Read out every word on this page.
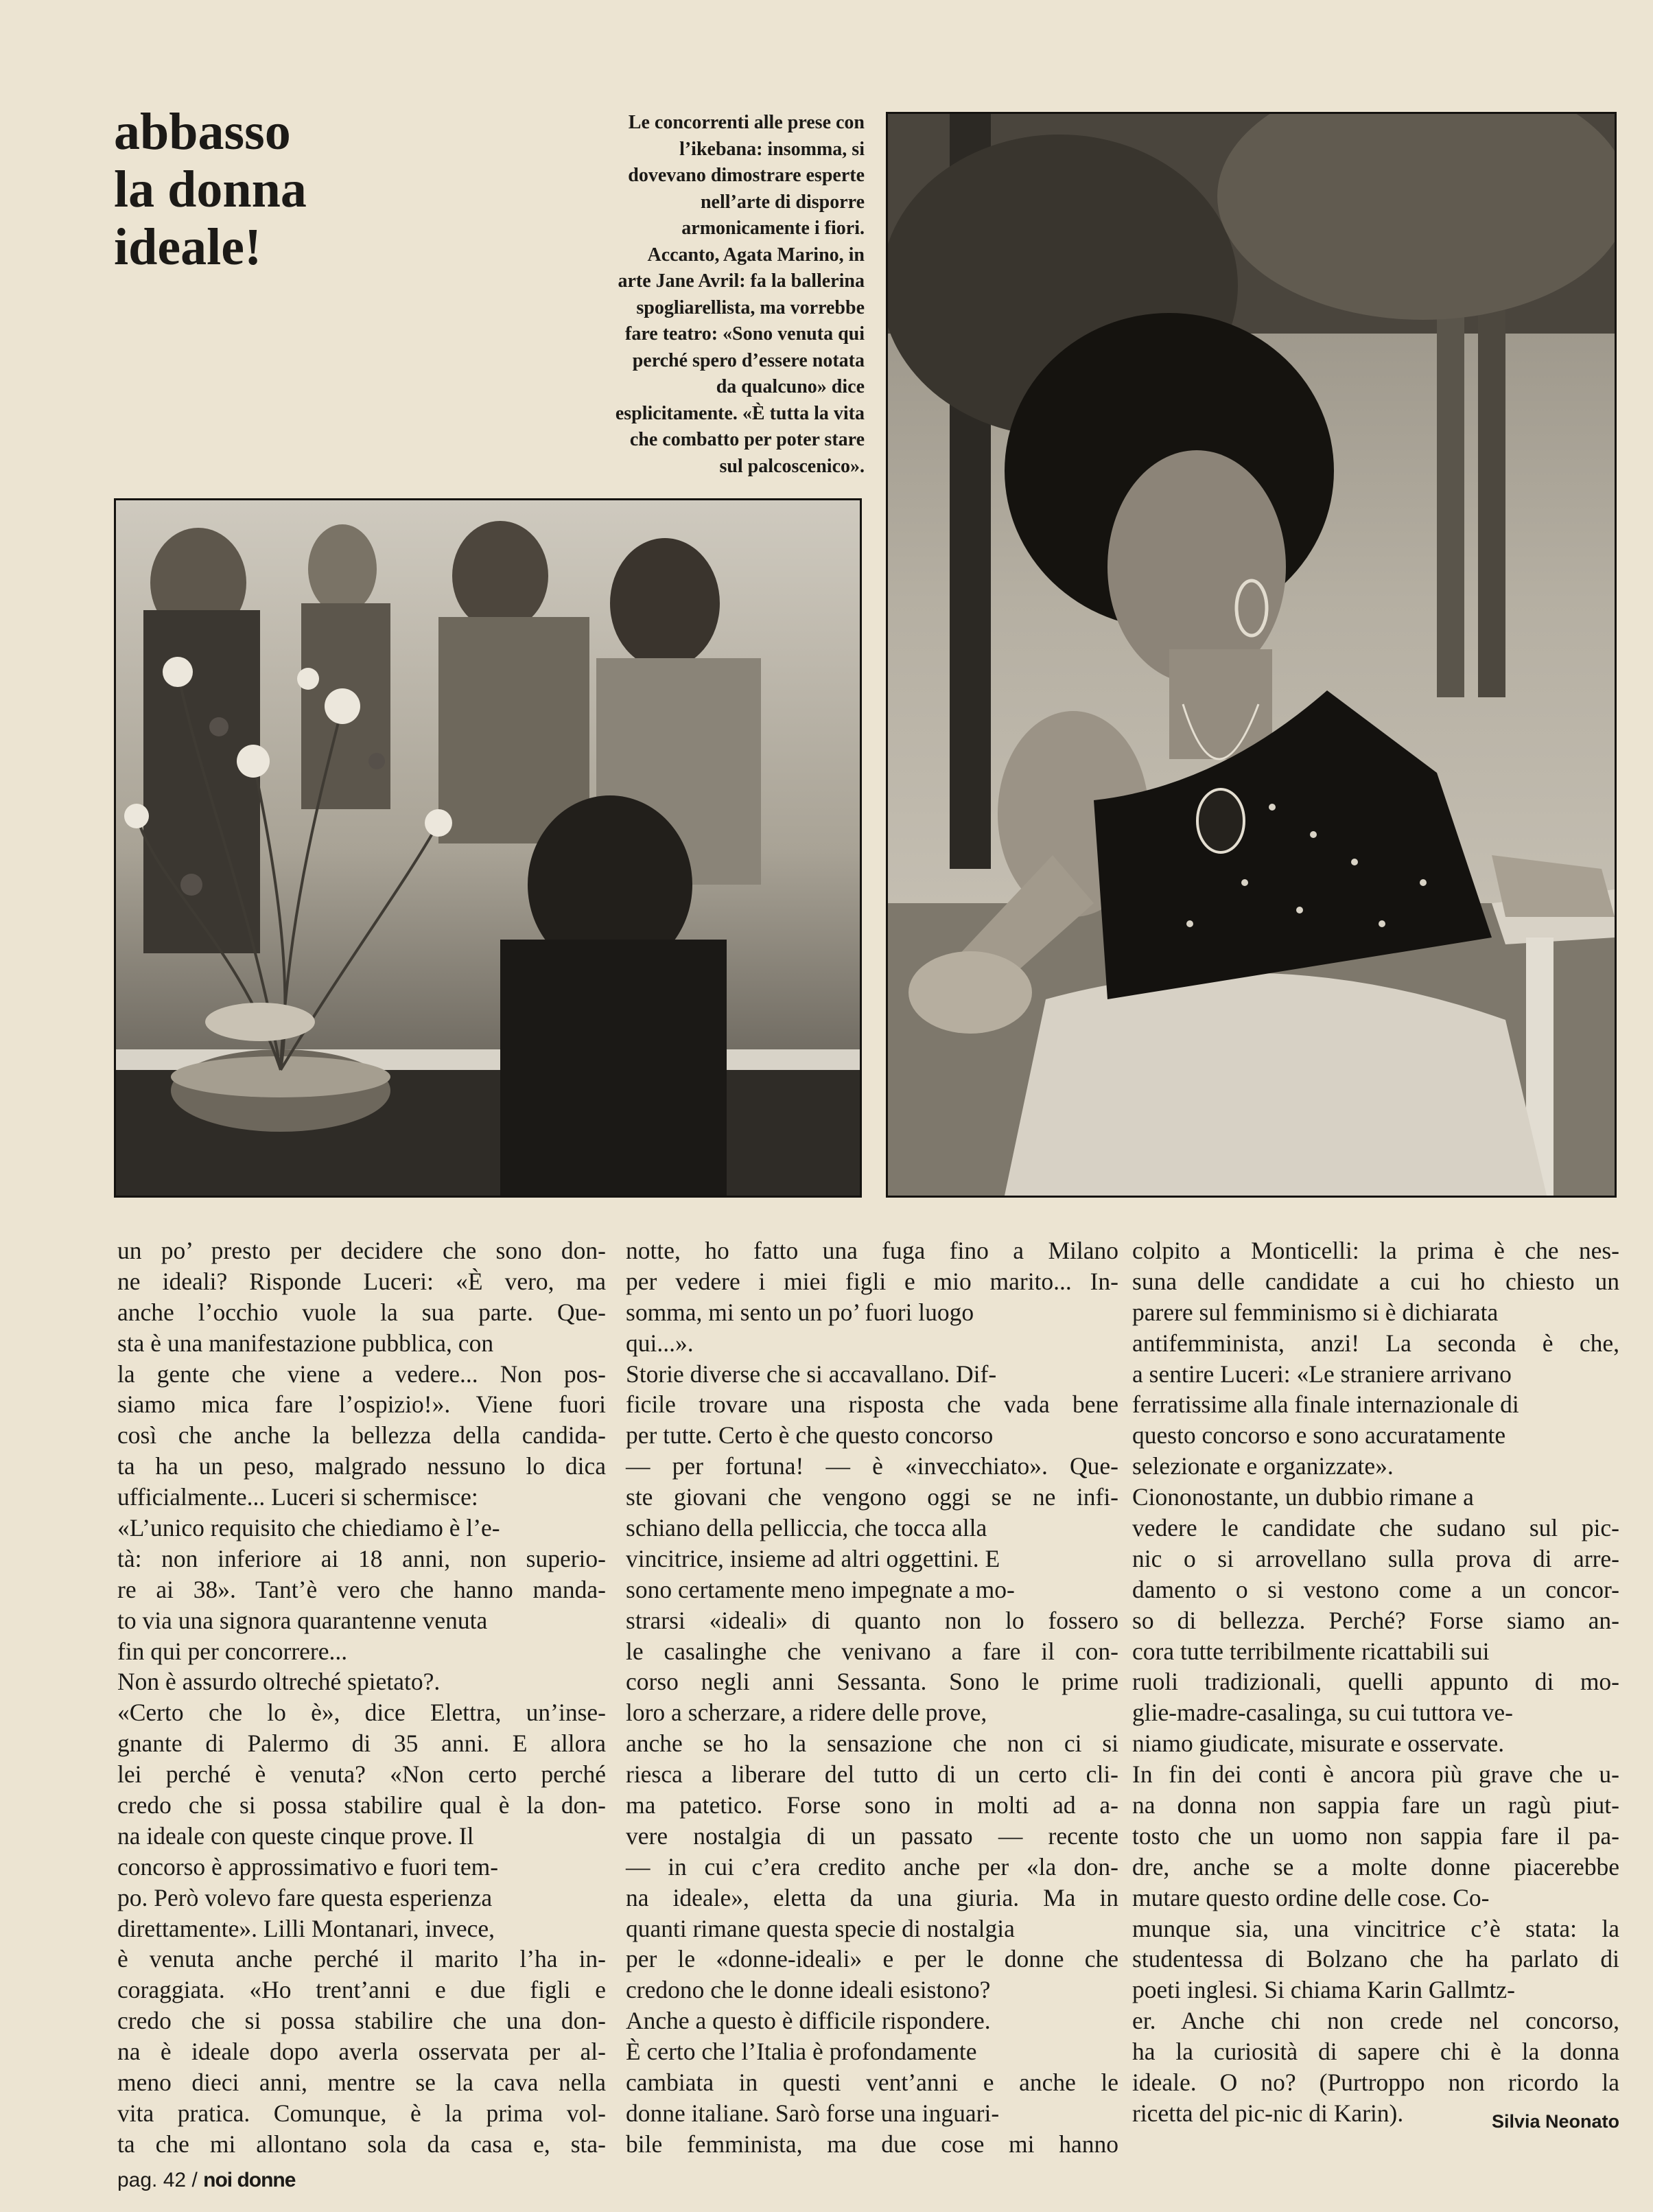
abbasso
la donna
ideale!
Le concorrenti alle prese con
l’ikebana: insomma, si
dovevano dimostrare esperte
nell’arte di disporre
armonicamente i fiori.
Accanto, Agata Marino, in
arte Jane Avril: fa la ballerina
spogliarellista, ma vorrebbe
fare teatro: «Sono venuta qui
perché spero d’essere notata
da qualcuno» dice
esplicitamente. «È tutta la vita
che combatto per poter stare
sul palcoscenico».
un po’ presto per decidere che sono don-
ne ideali? Risponde Luceri: «È vero, ma
anche l’occhio vuole la sua parte. Que-
sta è una manifestazione pubblica, con
la gente che viene a vedere... Non pos-
siamo mica fare l’ospizio!». Viene fuori
così che anche la bellezza della candida-
ta ha un peso, malgrado nessuno lo dica
ufficialmente... Luceri si schermisce:
«L’unico requisito che chiediamo è l’e-
tà: non inferiore ai 18 anni, non superio-
re ai 38». Tant’è vero che hanno manda-
to via una signora quarantenne venuta
fin qui per concorrere...
Non è assurdo oltreché spietato?.
«Certo che lo è», dice Elettra, un’inse-
gnante di Palermo di 35 anni. E allora
lei perché è venuta? «Non certo perché
credo che si possa stabilire qual è la don-
na ideale con queste cinque prove. Il
concorso è approssimativo e fuori tem-
po. Però volevo fare questa esperienza
direttamente». Lilli Montanari, invece,
è venuta anche perché il marito l’ha in-
coraggiata. «Ho trent’anni e due figli e
credo che si possa stabilire che una don-
na è ideale dopo averla osservata per al-
meno dieci anni, mentre se la cava nella
vita pratica. Comunque, è la prima vol-
ta che mi allontano sola da casa e, sta-
notte, ho fatto una fuga fino a Milano
per vedere i miei figli e mio marito... In-
somma, mi sento un po’ fuori luogo
qui...».
Storie diverse che si accavallano. Dif-
ficile trovare una risposta che vada bene
per tutte. Certo è che questo concorso
— per fortuna! — è «invecchiato». Que-
ste giovani che vengono oggi se ne infi-
schiano della pelliccia, che tocca alla
vincitrice, insieme ad altri oggettini. E
sono certamente meno impegnate a mo-
strarsi «ideali» di quanto non lo fossero
le casalinghe che venivano a fare il con-
corso negli anni Sessanta. Sono le prime
loro a scherzare, a ridere delle prove,
anche se ho la sensazione che non ci si
riesca a liberare del tutto di un certo cli-
ma patetico. Forse sono in molti ad a-
vere nostalgia di un passato — recente
— in cui c’era credito anche per «la don-
na ideale», eletta da una giuria. Ma in
quanti rimane questa specie di nostalgia
per le «donne-ideali» e per le donne che
credono che le donne ideali esistono?
Anche a questo è difficile rispondere.
È certo che l’Italia è profondamente
cambiata in questi vent’anni e anche le
donne italiane. Sarò forse una inguari-
bile femminista, ma due cose mi hanno
colpito a Monticelli: la prima è che nes-
suna delle candidate a cui ho chiesto un
parere sul femminismo si è dichiarata
antifemminista, anzi! La seconda è che,
a sentire Luceri: «Le straniere arrivano
ferratissime alla finale internazionale di
questo concorso e sono accuratamente
selezionate e organizzate».
Ciononostante, un dubbio rimane a
vedere le candidate che sudano sul pic-
nic o si arrovellano sulla prova di arre-
damento o si vestono come a un concor-
so di bellezza. Perché? Forse siamo an-
cora tutte terribilmente ricattabili sui
ruoli tradizionali, quelli appunto di mo-
glie-madre-casalinga, su cui tuttora ve-
niamo giudicate, misurate e osservate.
In fin dei conti è ancora più grave che u-
na donna non sappia fare un ragù piut-
tosto che un uomo non sappia fare il pa-
dre, anche se a molte donne piacerebbe
mutare questo ordine delle cose. Co-
munque sia, una vincitrice c’è stata: la
studentessa di Bolzano che ha parlato di
poeti inglesi. Si chiama Karin Gallmtz-
er. Anche chi non crede nel concorso,
ha la curiosità di sapere chi è la donna
ideale. O no? (Purtroppo non ricordo la
ricetta del pic-nic di Karin).	Silvia Neonato
pag. 42 / noi donne
